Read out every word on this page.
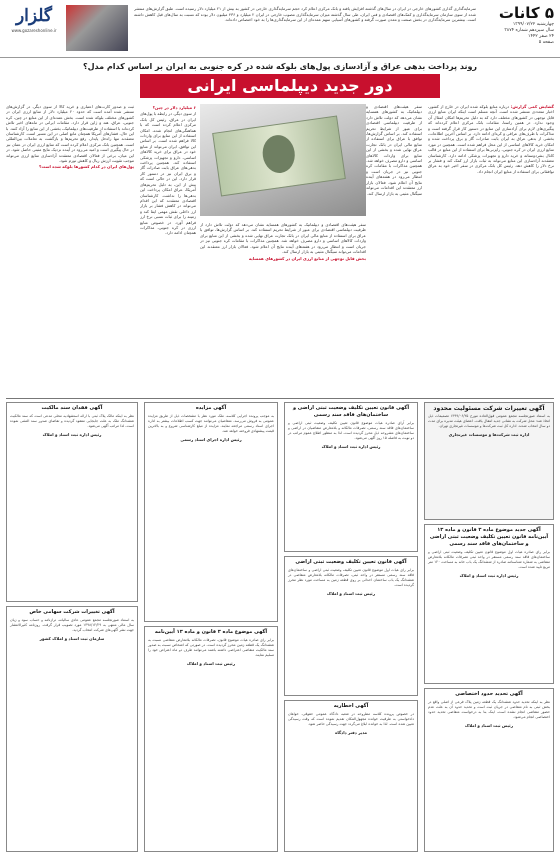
گلزار
www.gozareshonline.ir
سرمایه‌گذاری گذاری کشورهای خارجی در ایران در سال‌های گذشته افزایش یافته و بانک مرکزی اعلام کرد حجم سرمایه‌گذاری خارجی در کشور به بیش از ۲۱ میلیارد دلار رسیده است. طبق گزارش‌های منتشر شده از سوی سازمان سرمایه‌گذاری و کمک‌های اقتصادی و فنی ایران، طی سال گذشته میزان سرمایه‌گذاری مصوب خارجی در ایران ۲ میلیارد و ۴۳۶ میلیون دلار بوده که نسبت به سال‌های قبل کاهش داشته است. بیشترین سرمایه‌گذاری در بخش صنعت و معدن صورت گرفته و کشورهای آسیایی سهم عمده‌ای از این سرمایه‌گذاری‌ها را به خود اختصاص داده‌اند.	۵ کانات
چهارشنبه ۱۳۹۹/۰۷/۲۲
سال سیزدهم شماره ۳۸۷۴
۲۴ صفر ۱۴۴۲
صفحه ۵
روند پرداخت بدهی عراق و آزادسازی پول‌های بلوکه شده در کره جنوبی به ایران بر اساس کدام مدل؟
دور جدید دیپلماسی ایرانی
گشایش کمی گزارش: درباره منابع بلوکه شده ایران در خارج از کشور، اخبار متعددی منتشر شده است. آنچه مسلم است اینکه ایران منابع ارزی قابل توجهی در کشورهای مختلف دارد که به دلیل تحریم‌ها امکان انتقال آن وجود ندارد. در همین راستا، مقامات بانک مرکزی اعلام کرده‌اند که پیگیری‌های لازم برای آزادسازی این منابع در دستور کار قرار گرفته است و مذاکرات با طرف‌های عراقی و کره‌ای ادامه دارد. بر اساس آخرین اطلاعات، بخشی از بدهی عراق به ایران بابت صادرات گاز و برق پرداخت شده و امکان خرید کالاهای اساسی از این محل فراهم شده است. همچنین در مورد منابع ارزی ایران در کره جنوبی، رایزنی‌ها برای استفاده از این منابع در قالب کانال بشردوستانه و خرید دارو و تجهیزات پزشکی ادامه دارد. کارشناسان معتقدند آزادسازی این منابع می‌تواند به ثبات بازار ارز کمک کند و فشار بر نرخ دلار را کاهش دهد. رئیس کل بانک مرکزی در سفر اخیر خود به عراق توافقاتی برای استفاده از منابع ایران انجام داد.
سفر هیئت‌های اقتصادی و دیپلماتیک به کشورهای همسایه نشان می‌دهد که دولت تلاش دارد از ظرفیت دیپلماسی اقتصادی برای عبور از شرایط تحریم استفاده کند. بر اساس گزارش‌ها، توافق با عراق برای استفاده از منابع مالی ایران در بانک تجارت عراق نهایی شده و بخشی از این منابع برای واردات کالاهای اساسی و دارو مصرف خواهد شد. همچنین مذاکرات با مقامات کره جنوبی نیز در جریان است و انتظار می‌رود در هفته‌های آینده نتایج آن اعلام شود. فعالان بازار ارز معتقدند این اقدامات می‌تواند سیگنال مثبتی به بازار ارسال کند.

سفر هیئت‌های اقتصادی و دیپلماتیک به کشورهای همسایه نشان می‌دهد که دولت تلاش دارد از ظرفیت دیپلماسی اقتصادی برای عبور از شرایط تحریم استفاده کند. بر اساس گزارش‌ها، توافق با عراق برای استفاده از منابع مالی ایران در بانک تجارت عراق نهایی شده و بخشی از این منابع برای واردات کالاهای اساسی و دارو مصرف خواهد شد. همچنین مذاکرات با مقامات کره جنوبی نیز در جریان است و انتظار می‌رود در هفته‌های آینده نتایج آن اعلام شود. فعالان بازار ارز معتقدند این اقدامات می‌تواند سیگنال مثبتی به بازار ارسال کند.

بخش قابل توجهی از منابع ارزی ایران در کشورهای همسایه
۶ میلیارد دلار در چین؟
از سوی دیگر، در رابطه با پول‌های ایران در عراق، رئیس کل بانک مرکزی اعلام کرده است که با هماهنگی‌های انجام شده، امکان استفاده از این منابع برای واردات کالا فراهم شده است. بر اساس این توافق، ایران می‌تواند از منابع خود در عراق برای خرید کالاهای اساسی، دارو و تجهیزات پزشکی استفاده کند. همچنین پرداخت بدهی‌های عراق بابت صادرات گاز و برق ایران نیز در دستور کار قرار دارد. این در حالی است که پیش از این، به دلیل تحریم‌های آمریکا، عراق امکان پرداخت این بدهی‌ها را نداشت. کارشناسان اقتصادی معتقدند که این اقدام می‌تواند در کاهش فشار بر بازار ارز داخلی نقش مهمی ایفا کند و زمینه را برای ثبات نسبی نرخ ارز فراهم آورد. در خصوص منابع ارزی در کره جنوبی، مذاکرات همچنان ادامه دارد.
ثبت و صدور کارت‌های اعتباری و خرید کالا از سوی دیگر، در گزارش‌های منتشر شده آمده است که حدود ۲۰ میلیارد دلار از منابع ارزی ایران در کشورهای مختلف بلوکه شده است. بخش عمده‌ای از این منابع در چین، کره جنوبی، عراق، هند و ژاپن قرار دارد. مقامات ایرانی در ماه‌های اخیر تلاش کرده‌اند با استفاده از ظرفیت‌های دیپلماتیک، بخشی از این منابع را آزاد کنند. با این حال، فشارهای آمریکا همچنان مانع اصلی در این مسیر است. کارشناسان معتقدند تنها راه‌حل پایدار، رفع تحریم‌ها و بازگشت به تعاملات بین‌المللی است. همچنین بانک مرکزی اعلام کرده است که منابع ارزی ایران در عمان نیز در حال پیگیری است و امید می‌رود در آینده نزدیک نتایج مثبتی حاصل شود. در این میان، برخی از فعالان اقتصادی معتقدند آزادسازی منابع ارزی می‌تواند موجب تقویت ارزش ریال و کاهش تورم شود.
پول‌های ایران در کدام کشورها بلوکه شده است؟
آگهی تغییرات شرکت مسئولیت محدود
به استناد صورتجلسه مجمع عمومی فوق‌العاده مورخ ۱۳۹۹/۰۶/۲۵ تصمیمات ذیل اتخاذ شد: محل شرکت به نشانی جدید انتقال یافت. اعضای هیئت مدیره برای مدت دو سال انتخاب شدند. اداره کل ثبت شرکت‌ها و موسسات غیرتجاری تهران.
اداره ثبت شرکت‌ها و موسسات غیرتجاری
آگهی جدید موضوع ماده ۳ قانون و ماده ۱۳ آیین‌نامه قانون تعیین تکلیف وضعیت ثبتی اراضی و ساختمان‌های فاقد سند رسمی
برابر رای صادره هیات اول موضوع قانون تعیین تکلیف وضعیت ثبتی اراضی و ساختمان‌های فاقد سند رسمی مستقر در واحد ثبتی تصرفات مالکانه بلامعارض متقاضی به شماره شناسنامه صادره از ششدانگ یک باب خانه به مساحت ۱۲۰ متر مربع تایید شده است.
رئیس اداره ثبت اسناد و املاک
آگهی تحدید حدود اختصاصی
نظر به اینکه تحدید حدود ششدانگ یک قطعه زمین پلاک فرعی از اصلی واقع در بخش ثبتی به نام متقاضی در جریان ثبت است و تحدید حدود آن به علت عدم حضور متقاضی انجام نشده است، اینک بنا به درخواست متقاضی تحدید حدود اختصاصی انجام می‌شود.
رئیس ثبت اسناد و املاک
آگهی قانون تعیین تکلیف وضعیت ثبتی اراضی و ساختمان‌های فاقد سند رسمی
برابر آرای صادره هیات موضوع قانون تعیین تکلیف وضعیت ثبتی اراضی و ساختمان‌های فاقد سند رسمی، تصرفات مالکانه و بلامعارض متقاضیان در اراضی و ساختمان‌های مشروحه ذیل محرز گردیده است. لذا به منظور اطلاع عموم مراتب در دو نوبت به فاصله ۱۵ روز آگهی می‌شود.
رئیس اداره ثبت اسناد و املاک
آگهی قانون تعیین تکلیف وضعیت ثبتی اراضی
برابر رای هیات اول موضوع قانون تعیین تکلیف وضعیت ثبتی اراضی و ساختمان‌های فاقد سند رسمی مستقر در واحد ثبتی، تصرفات مالکانه بلامعارض متقاضی در ششدانگ یک باب ساختمان احداثی بر روی قطعه زمین به مساحت مورد نظر محرز گردیده است.
رئیس ثبت اسناد و املاک
آگهی اخطاریه
در خصوص پرونده کلاسه مطروحه در شعبه دادگاه عمومی حقوقی، خواهان دادخواستی به طرفیت خوانده مجهول‌المکان تقدیم نموده است که وقت رسیدگی تعیین شده است. لذا به خوانده ابلاغ می‌گردد جهت رسیدگی حاضر شود.
مدیر دفتر دادگاه
آگهی مزایده
به موجب پرونده اجرایی کلاسه، ملک مورد نظر با مشخصات ذیل از طریق مزایده عمومی به فروش می‌رسد. متقاضیان می‌توانند جهت کسب اطلاعات بیشتر به اداره اجرای اسناد رسمی مراجعه نمایند. مزایده از مبلغ کارشناسی شروع و به بالاترین قیمت پیشنهادی فروخته خواهد شد.
رئیس اداره اجرای اسناد رسمی
آگهی موضوع ماده ۳ قانون و ماده ۱۳ آیین‌نامه
برابر رای صادره هیات موضوع قانون، تصرفات مالکانه بلامعارض متقاضی نسبت به ششدانگ یک قطعه زمین محرز گردیده است. در صورتی که اشخاص نسبت به صدور سند مالکیت متقاضی اعتراضی داشته باشند می‌توانند ظرف دو ماه اعتراض خود را تسلیم نمایند.
رئیس ثبت اسناد و املاک
آگهی فقدان سند مالکیت
نظر به اینکه مالک پلاک ثبتی با ارائه استشهادیه محلی مدعی است که سند مالکیت ششدانگ ملک به علت جابجایی مفقود گردیده و تقاضای صدور سند المثنی نموده است، لذا مراتب آگهی می‌شود.
رئیس اداره ثبت اسناد و املاک
آگهی تغییرات شرکت سهامی خاص
به استناد صورتجلسه مجمع عمومی عادی سالیانه، ترازنامه و حساب سود و زیان سال مالی منتهی به ۱۳۹۸/۱۲/۲۹ مورد تصویب قرار گرفت. روزنامه کثیرالانتشار جهت نشر آگهی‌های شرکت انتخاب گردید.
سازمان ثبت اسناد و املاک کشور
